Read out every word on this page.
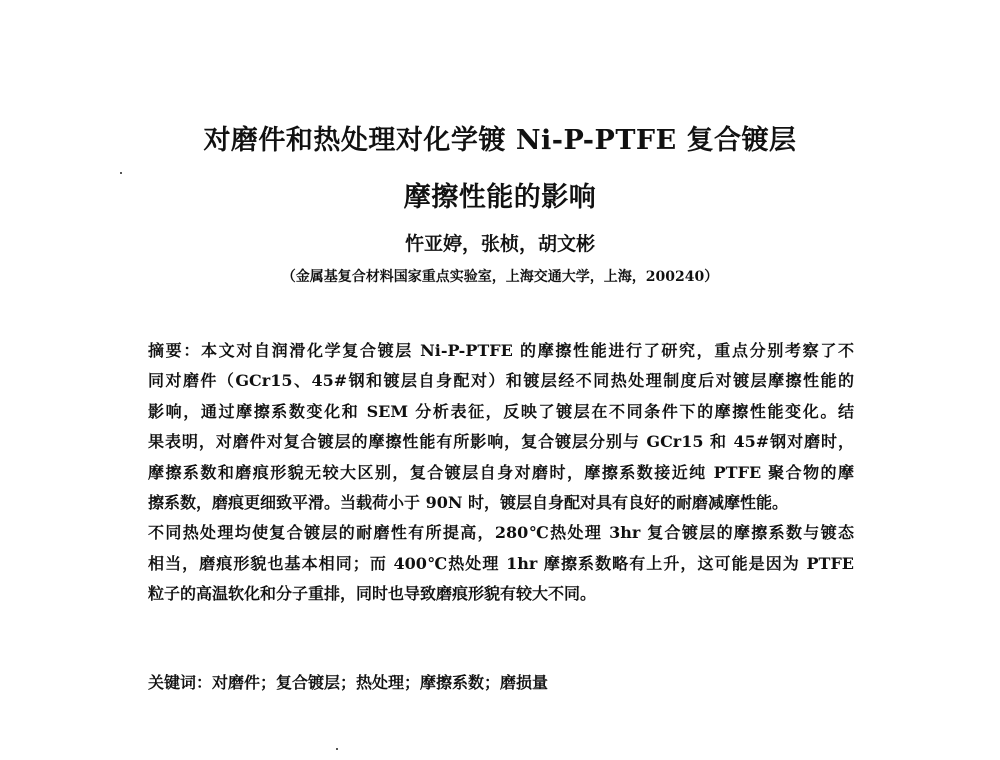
对磨件和热处理对化学镀 Ni-P-PTFE 复合镀层
摩擦性能的影响
忤亚婷，张桢，胡文彬
（金属基复合材料国家重点实验室，上海交通大学，上海，200240）
摘要：本文对自润滑化学复合镀层 Ni-P-PTFE 的摩擦性能进行了研究，重点分别考察了不
同对磨件（GCr15、45#钢和镀层自身配对）和镀层经不同热处理制度后对镀层摩擦性能的
影响，通过摩擦系数变化和 SEM 分析表征，反映了镀层在不同条件下的摩擦性能变化。结
果表明，对磨件对复合镀层的摩擦性能有所影响，复合镀层分别与 GCr15 和 45#钢对磨时，
摩擦系数和磨痕形貌无较大区别，复合镀层自身对磨时，摩擦系数接近纯 PTFE 聚合物的摩
擦系数，磨痕更细致平滑。当载荷小于 90N 时，镀层自身配对具有良好的耐磨减摩性能。
不同热处理均使复合镀层的耐磨性有所提高，280℃热处理 3hr 复合镀层的摩擦系数与镀态
相当，磨痕形貌也基本相同；而 400℃热处理 1hr 摩擦系数略有上升，这可能是因为 PTFE
粒子的高温软化和分子重排，同时也导致磨痕形貌有较大不同。
关键词：对磨件；复合镀层；热处理；摩擦系数；磨损量
